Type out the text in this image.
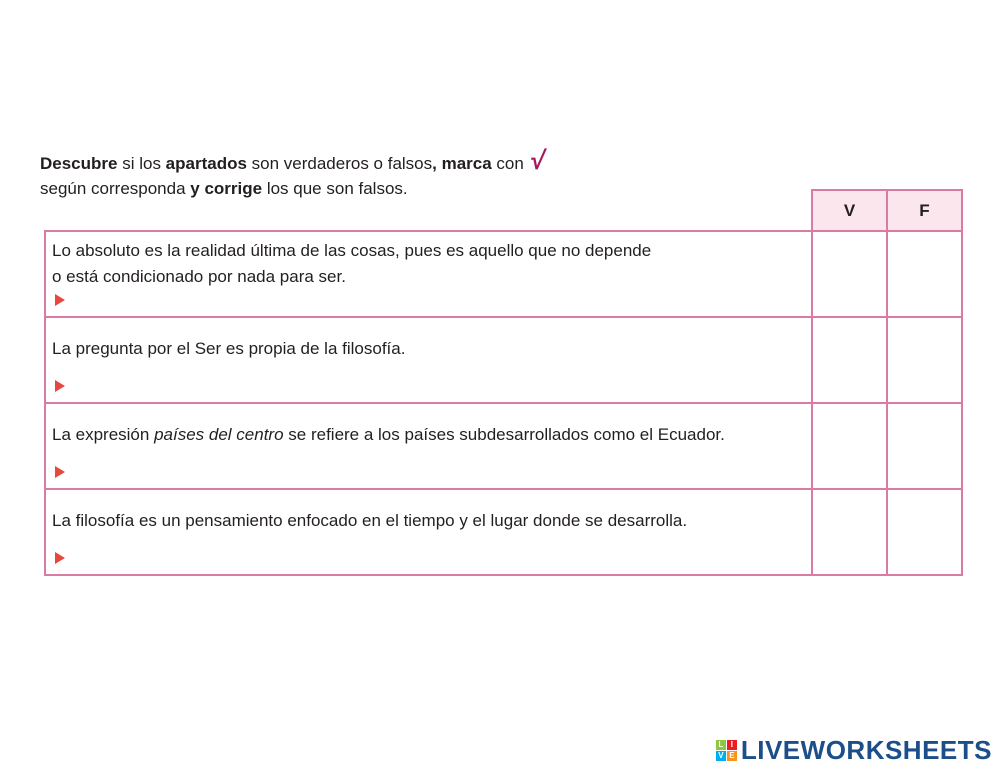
Descubre si los apartados son verdaderos o falsos, marca con √
según corresponda y corrige los que son falsos.
V	F
Lo absoluto es la realidad última de las cosas, pues es aquello que no depende
o está condicionado por nada para ser.
La pregunta por el Ser es propia de la filosofía.
La expresión países del centro se refiere a los países subdesarrollados como el Ecuador.
La filosofía es un pensamiento enfocado en el tiempo y el lugar donde se desarrolla.
L I
V E LIVEWORKSHEETS
